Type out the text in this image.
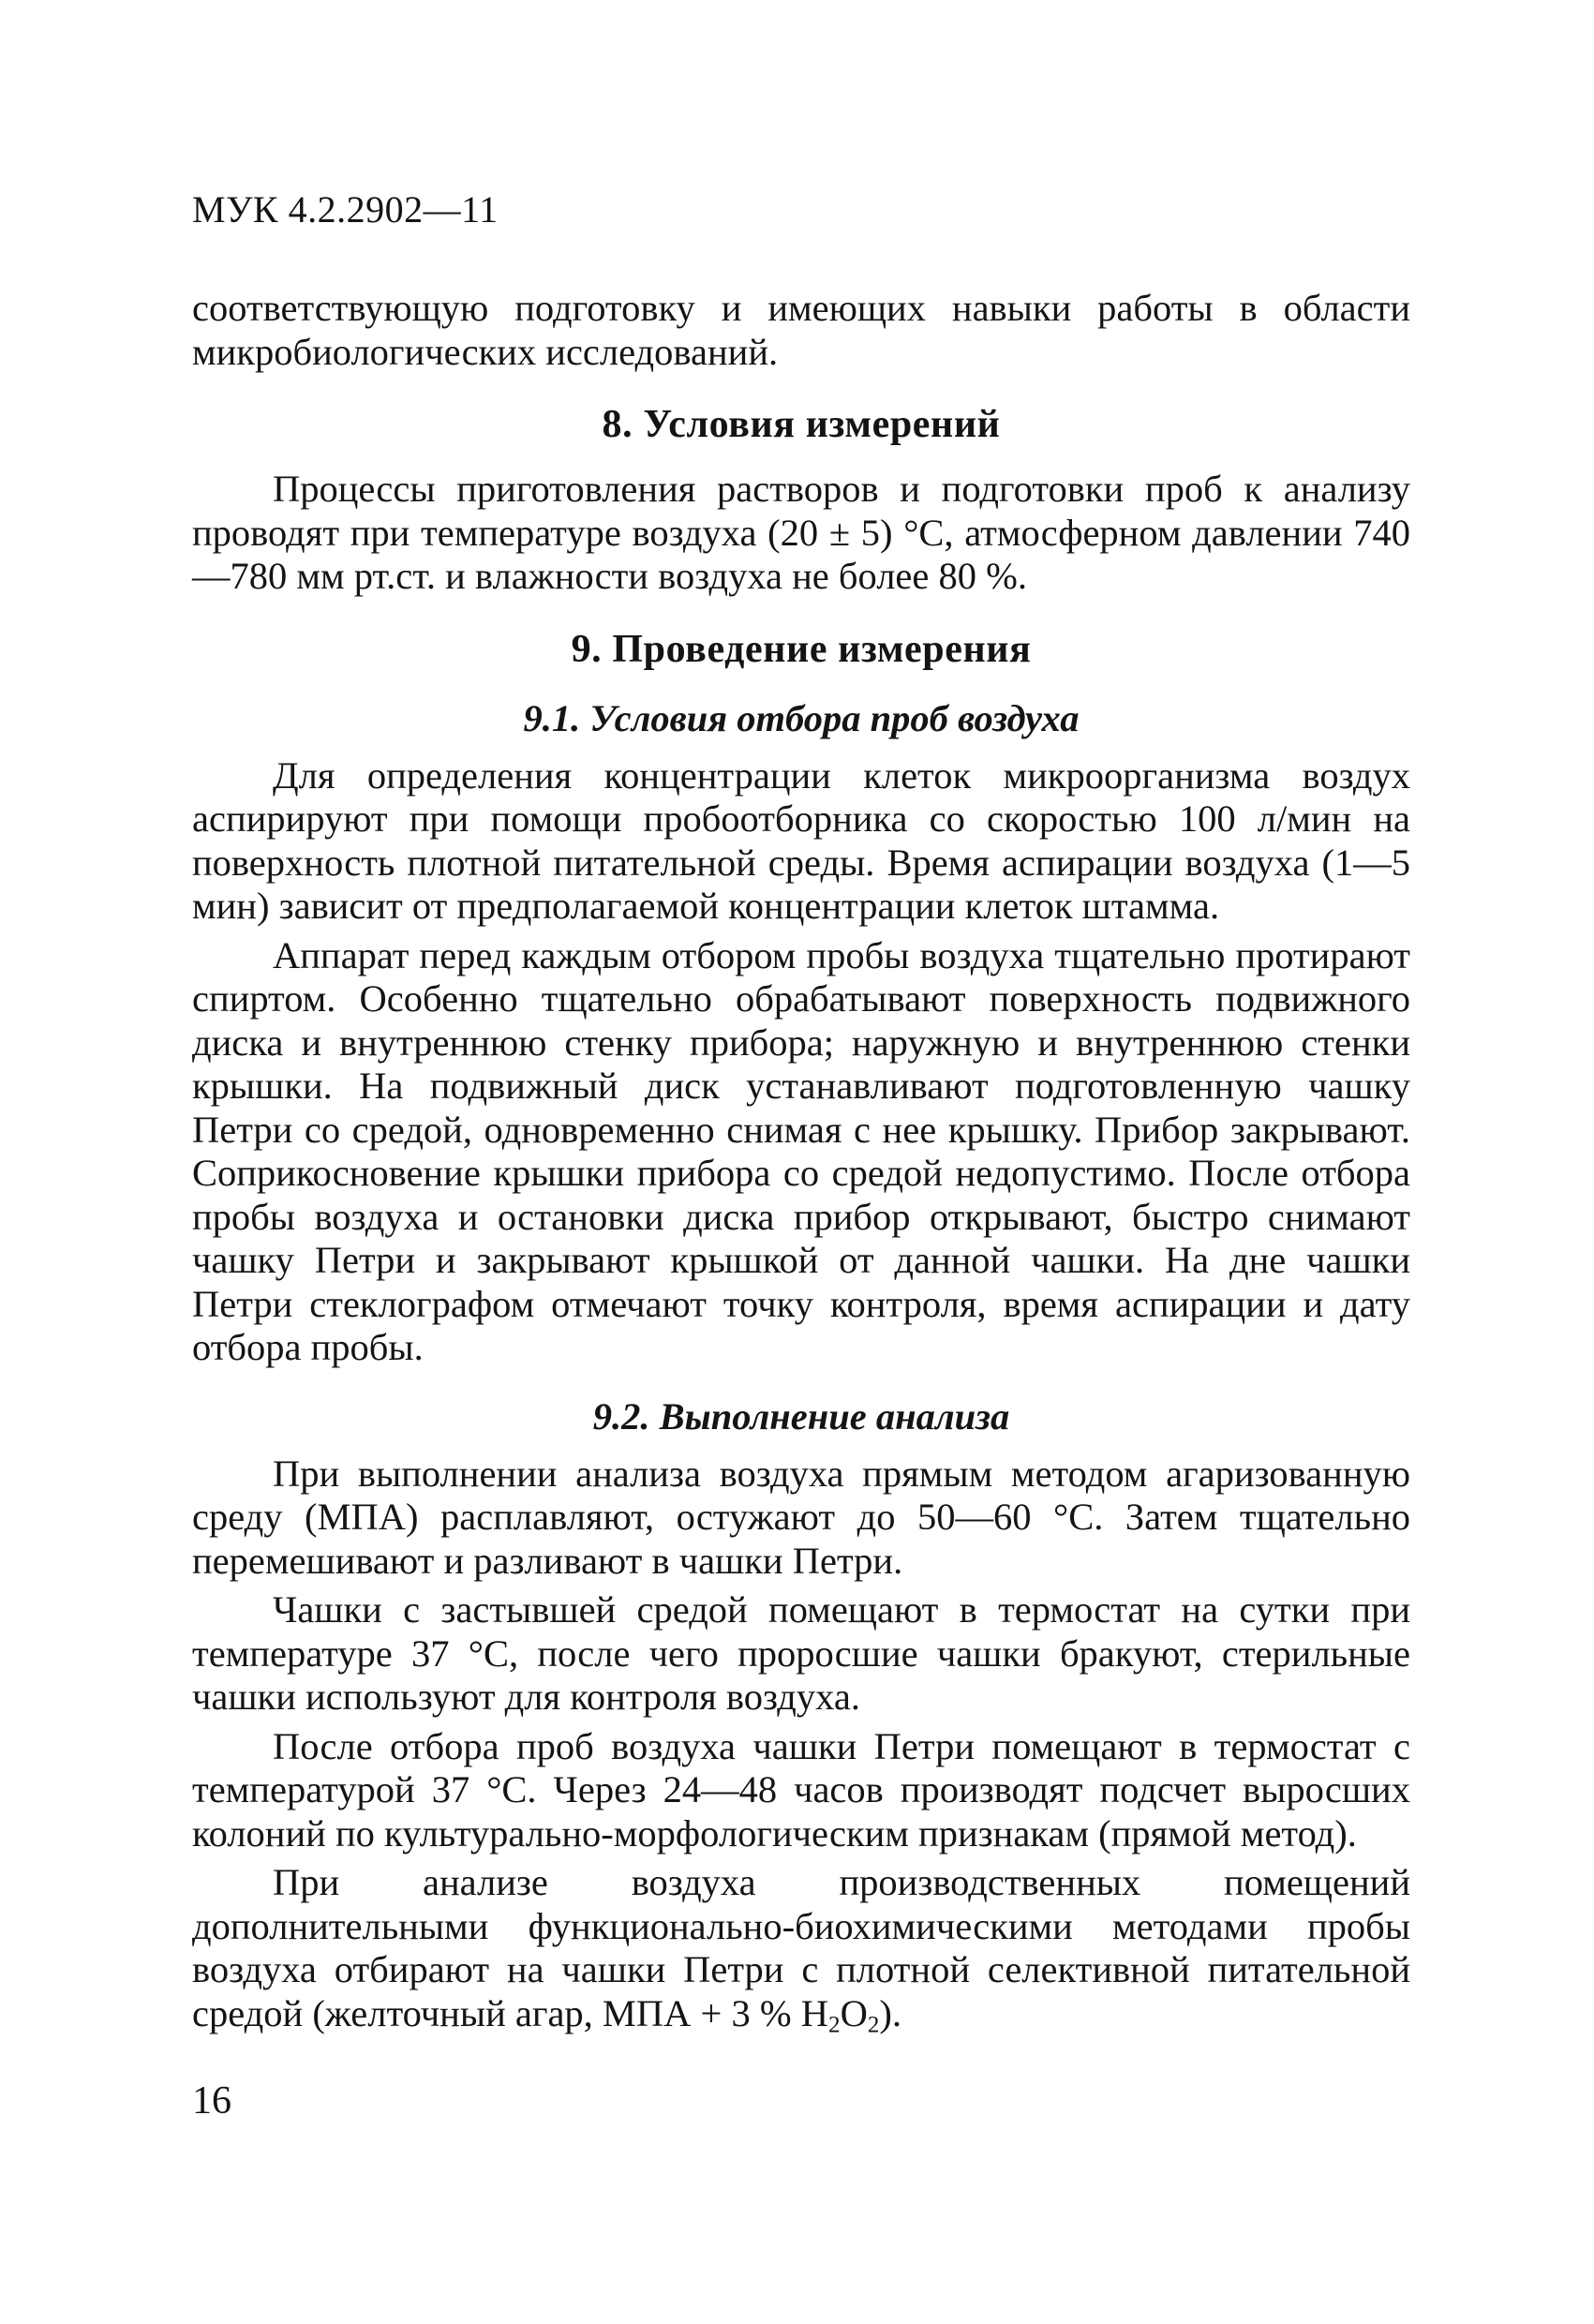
МУК 4.2.2902—11

соответствующую подготовку и имеющих навыки работы в области микробиологических исследований.

8. Условия измерений

Процессы приготовления растворов и подготовки проб к анализу проводят при температуре воздуха (20 ± 5) °С, атмосферном давлении 740—780 мм рт.ст. и влажности воздуха не более 80 %.

9. Проведение измерения
9.1. Условия отбора проб воздуха

Для определения концентрации клеток микроорганизма воздух аспирируют при помощи пробоотборника со скоростью 100 л/мин на поверхность плотной питательной среды. Время аспирации воздуха (1—5 мин) зависит от предполагаемой концентрации клеток штамма.

Аппарат перед каждым отбором пробы воздуха тщательно протирают спиртом. Особенно тщательно обрабатывают поверхность подвижного диска и внутреннюю стенку прибора; наружную и внутреннюю стенки крышки. На подвижный диск устанавливают подготовленную чашку Петри со средой, одновременно снимая с нее крышку. Прибор закрывают. Соприкосновение крышки прибора со средой недопустимо. После отбора пробы воздуха и остановки диска прибор открывают, быстро снимают чашку Петри и закрывают крышкой от данной чашки. На дне чашки Петри стеклографом отмечают точку контроля, время аспирации и дату отбора пробы.

9.2. Выполнение анализа

При выполнении анализа воздуха прямым методом агаризованную среду (МПА) расплавляют, остужают до 50—60 °С. Затем тщательно перемешивают и разливают в чашки Петри.

Чашки с застывшей средой помещают в термостат на сутки при температуре 37 °С, после чего проросшие чашки бракуют, стерильные чашки используют для контроля воздуха.

После отбора проб воздуха чашки Петри помещают в термостат с температурой 37 °С. Через 24—48 часов производят подсчет выросших колоний по культурально-морфологическим признакам (прямой метод).

При анализе воздуха производственных помещений дополнительными функционально-биохимическими методами пробы воздуха отбирают на чашки Петри с плотной селективной питательной средой (желточный агар, МПА + 3 % $H_2O_2$).

16
